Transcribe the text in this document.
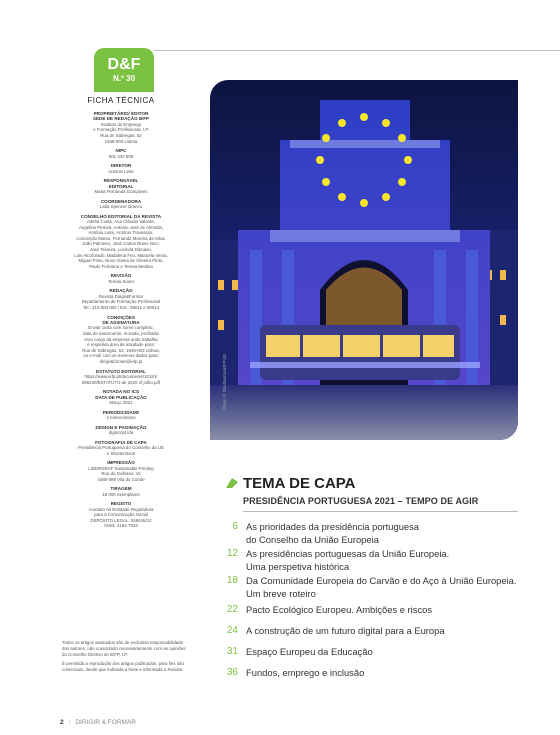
D&F
N.º 30
FICHA TÉCNICA
PROPRIETÁRIO/ EDITOR
SEDE DE REDAÇÃO IEFP
Instituto do Emprego
e Formação Profissional, I.P.
Rua de Xabregas, 52
1949-003 Lisboa
NIPC
501 442 600
DIRETOR
António Leite
RESPONSÁVEL
EDITORIAL
Maria Fernanda Gonçalves
COORDENADORA
Lídia Spencer Branco
CONSELHO EDITORIAL DA REVISTA
Adélia Costa, Ana Cláudia Valente,
Angelina Pereira, António José de Almeida,
António Leite, António Travassos,
Conceição Matos, Fernando Moreira da Silva,
João Palmeiro, José Carlos Bravo Nico,
José Teixeira, Lucinda Dâmaso,
Luís Alcoforado, Madalena Feu, Manuela Vieira,
Miguel Pinto, Nuno Gama de Oliveira Pinto,
Paulo Feliciano e Teresa Medina
REVISÃO
Teresa Souto
REDAÇÃO
Revista Dirigir&Formar
Departamento de Formação Profissional
Tel.: 215 803 000 / Ext.: 90011 e 90014
CONDIÇÕES
DE ASSINATURA
Enviar carta com nome completo,
data de nascimento, morada, profissão
e/ou cargo da empresa onde trabalha
e respetiva área de atividade para:
Rua de Xabregas, 52, 1949-003 Lisboa,
ou e-mail com os mesmos dados para:
dirigir&formar@iefp.pt
ESTATUTO EDITORIAL
https://www.iefp.pt/documents/10181/
696230/ESTATUTO de 2020 of julho.pdf
NOTADA NO ICS
DATA DE PUBLICAÇÃO
Março 2021
PERIODICIDADE
4 números/ano
DESIGN E PAGINAÇÃO
digiscript.lda
FOTOGRAFIA DE CAPA
Presidência Portuguesa do Conselho da UE
e Shutterstock
IMPRESSÃO
LIDERGRAF Sustainable Printing
Rua do Galhano, 15
4480-089 Vila do Conde
TIRAGEM
18 000 exemplares
REGISTO
Anotado na Entidade Reguladora
para a Comunicação Social
DEPÓSITO LEGAL: 348445/12
ISSN: 2182-7532

Todos os artigos assinados são de exclusiva responsabilidade dos autores, não coincidindo necessariamente com as opiniões do Conselho Diretivo do IEFP, I.P.

É permitida a reprodução dos artigos publicados, para fins não comerciais, desde que indicada a fonte e informada a Revista.

Photo © Shutterstock/PPUE
TEMA DE CAPA
PRESIDÊNCIA PORTUGUESA 2021 – TEMPO DE AGIR
6 As prioridades da presidência portuguesa
do Conselho da União Europeia
12 As presidências portuguesas da União Europeia.
Uma perspetiva histórica
18 Da Comunidade Europeia do Carvão e do Aço à União Europeia.
Um breve roteiro
22 Pacto Ecológico Europeu. Ambições e riscos
24 A construção de um futuro digital para a Europa
31 Espaço Europeu da Educação
36 Fundos, emprego e inclusão
2 | DIRIGIR & FORMAR
